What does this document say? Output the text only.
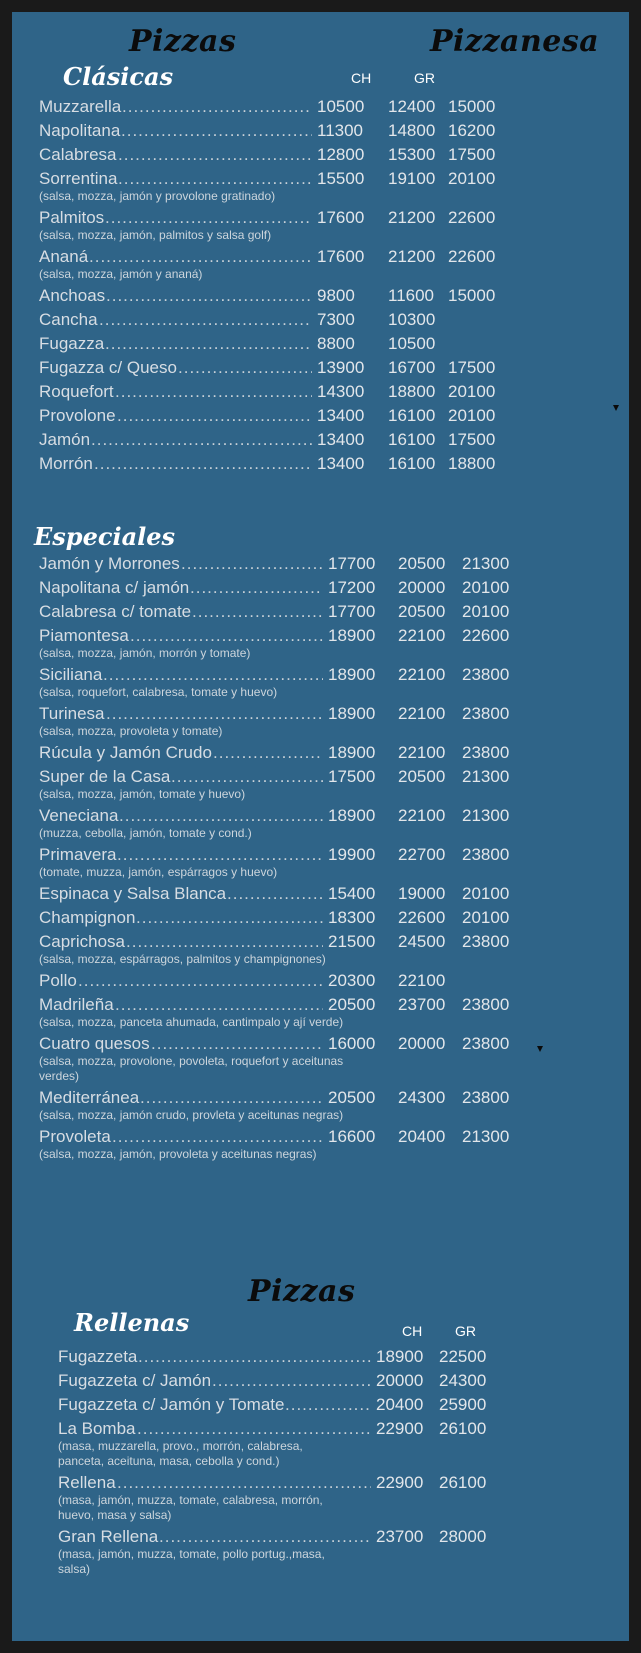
Pizzas	Pizzanesa
Clásicas	CH	GR
Muzzarella .....	10500 12400 15000
Napolitana .....	11300 14800 16200
Calabresa .....	12800 15300 17500
Sorrentina .....	15500 19100 20100
(salsa, mozza, jamón y provolone gratinado)
Palmitos .....	17600 21200 22600
(salsa, mozza, jamón, palmitos y salsa golf)
Ananá .....	17600 21200 22600
(salsa, mozza, jamón y ananá)
Anchoas .....	9800 11600 15000
Cancha .....	7300 10300
Fugazza .....	8800 10500
Fugazza c/ Queso .....	13900 16700 17500
Roquefort .....	14300 18800 20100
Provolone .....	13400 16100 20100
Jamón .....	13400 16100 17500
Morrón .....	13400 16100 18800
Especiales
Jamón y Morrones .....	17700 20500 21300
Napolitana c/ jamón .....	17200 20000 20100
Calabresa c/ tomate .....	17700 20500 20100
Piamontesa .....	18900 22100 22600
(salsa, mozza, jamón, morrón y tomate)
Siciliana .....	18900 22100 23800
(salsa, roquefort, calabresa, tomate y huevo)
Turinesa .....	18900 22100 23800
(salsa, mozza, provoleta y tomate)
Rúcula y Jamón Crudo .....	18900 22100 23800
Super de la Casa .....	17500 20500 21300
(salsa, mozza, jamón, tomate y huevo)
Veneciana .....	18900 22100 21300
(muzza, cebolla, jamón, tomate y cond.)
Primavera .....	19900 22700 23800
(tomate, muzza, jamón, espárragos y huevo)
Espinaca y Salsa Blanca .....	15400 19000 20100
Champignon .....	18300 22600 20100
Caprichosa .....	21500 24500 23800
(salsa, mozza, espárragos, palmitos y champignones)
Pollo .....	20300 22100
Madrileña .....	20500 23700 23800
(salsa, mozza, panceta ahumada, cantimpalo y ají verde)
Cuatro quesos .....	16000 20000 23800
(salsa, mozza, provolone, povoleta, roquefort y aceitunas verdes)
Mediterránea .....	20500 24300 23800
(salsa, mozza, jamón crudo, provleta y aceitunas negras)
Provoleta .....	16600 20400 21300
(salsa, mozza, jamón, provoleta y aceitunas negras)
Pizzas
Rellenas	CH GR
Fugazzeta .....	18900 22500
Fugazzeta c/ Jamón .....	20000 24300
Fugazzeta c/ Jamón y Tomate .....	20400 25900
La Bomba .....	22900 26100
(masa, muzzarella, provo., morrón, calabresa, panceta, aceituna, masa, cebolla y cond.)
Rellena .....	22900 26100
(masa, jamón, muzza, tomate, calabresa, morrón, huevo, masa y salsa)
Gran Rellena .....	23700 28000
(masa, jamón, muzza, tomate, pollo portug.,masa, salsa)
